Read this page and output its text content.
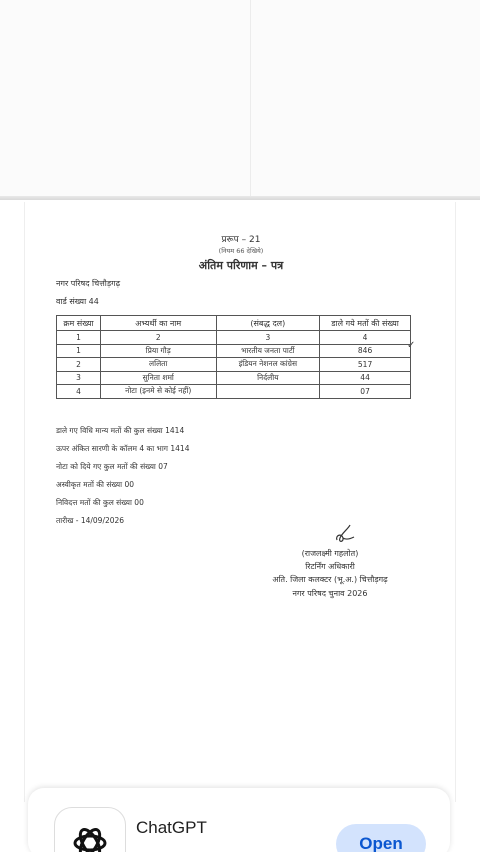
प्ररूप – 21
(नियम 66 देखिये)
अंतिम परिणाम – पत्र
नगर परिषद चित्तौड़गढ़
वार्ड संख्या 44
क्रम संख्या	अभ्यर्थी का नाम	(संबद्ध दल)	डाले गये मतों की संख्या
1	2	3	4
1	प्रिया गौड़	भारतीय जनता पार्टी	846
2	ललिता	इंडियन नेशनल कांग्रेस	517
3	सुनिता शर्मा	निर्दलीय	44
4	नोटा (इनमे से कोई नहीं)		07
✓
डाले गए विधि मान्य मतों की कुल संख्या 1414
ऊपर अंकित सारणी के कॉलम 4 का भाग 1414
नोटा को दिये गए कुल मतों की संख्या 07
अस्वीकृत मतों की संख्या 00
निविदत्त मतों की कुल संख्या 00
तारीख - 14/09/2026
(राजलक्ष्मी गहलोत)
रिटर्निंग अधिकारी
अति. जिला कलक्टर (भू.अ.) चित्तौड़गढ़
नगर परिषद चुनाव 2026
ChatGPT
Open
